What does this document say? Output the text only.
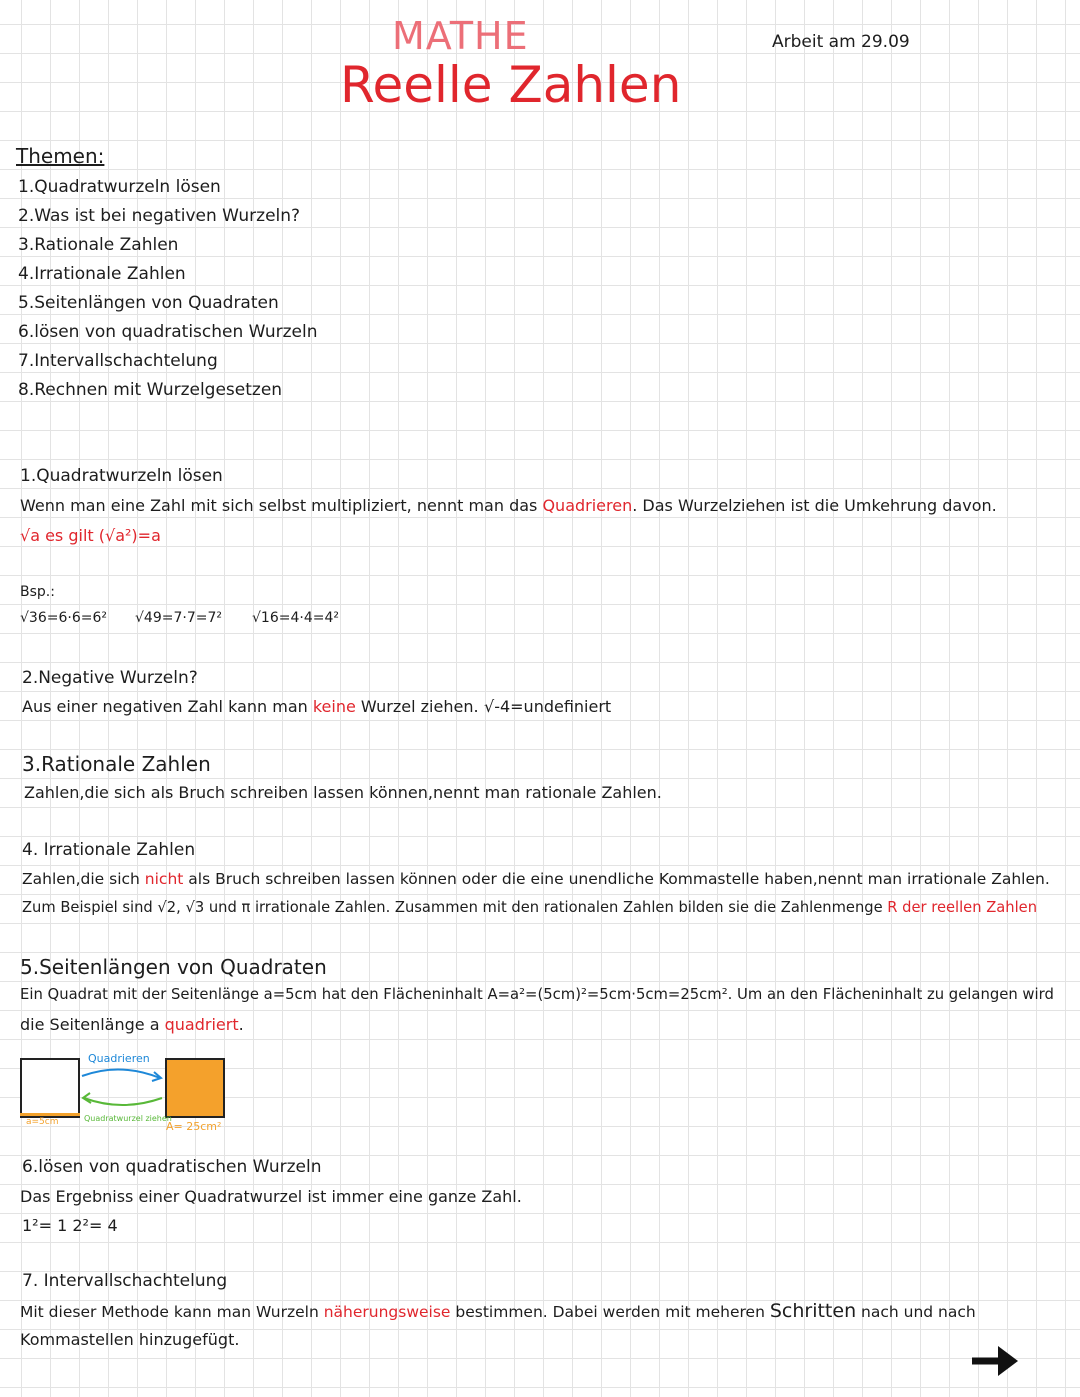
MATHE
Reelle Zahlen
Arbeit am 29.09
Themen:
1.Quadratwurzeln lösen
2.Was ist bei negativen Wurzeln?
3.Rationale Zahlen
4.Irrationale Zahlen
5.Seitenlängen von Quadraten
6.lösen von quadratischen Wurzeln
7.Intervallschachtelung
8.Rechnen mit Wurzelgesetzen
1.Quadratwurzeln lösen
Wenn man eine Zahl mit sich selbst multipliziert, nennt man das Quadrieren. Das Wurzelziehen ist die Umkehrung davon.
√a es gilt (√a²)=a
Bsp.:
√36=6·6=6² √49=7·7=7² √16=4·4=4²
2.Negative Wurzeln?
Aus einer negativen Zahl kann man keine Wurzel ziehen. √-4=undefiniert
3.Rationale Zahlen
Zahlen,die sich als Bruch schreiben lassen können,nennt man rationale Zahlen.
4. Irrationale Zahlen
Zahlen,die sich nicht als Bruch schreiben lassen können oder die eine unendliche Kommastelle haben,nennt man irrationale Zahlen.
Zum Beispiel sind √2, √3 und π irrationale Zahlen. Zusammen mit den rationalen Zahlen bilden sie die Zahlenmenge R der reellen Zahlen
5.Seitenlängen von Quadraten
Ein Quadrat mit der Seitenlänge a=5cm hat den Flächeninhalt A=a²=(5cm)²=5cm·5cm=25cm². Um an den Flächeninhalt zu gelangen wird
die Seitenlänge a quadriert.
a=5cm
Quadrieren
Quadratwurzel ziehen
A= 25cm²
6.lösen von quadratischen Wurzeln
Das Ergebniss einer Quadratwurzel ist immer eine ganze Zahl.
1²= 1 2²= 4
7. Intervallschachtelung
Mit dieser Methode kann man Wurzeln näherungsweise bestimmen. Dabei werden mit meheren Schritten nach und nach
Kommastellen hinzugefügt.
